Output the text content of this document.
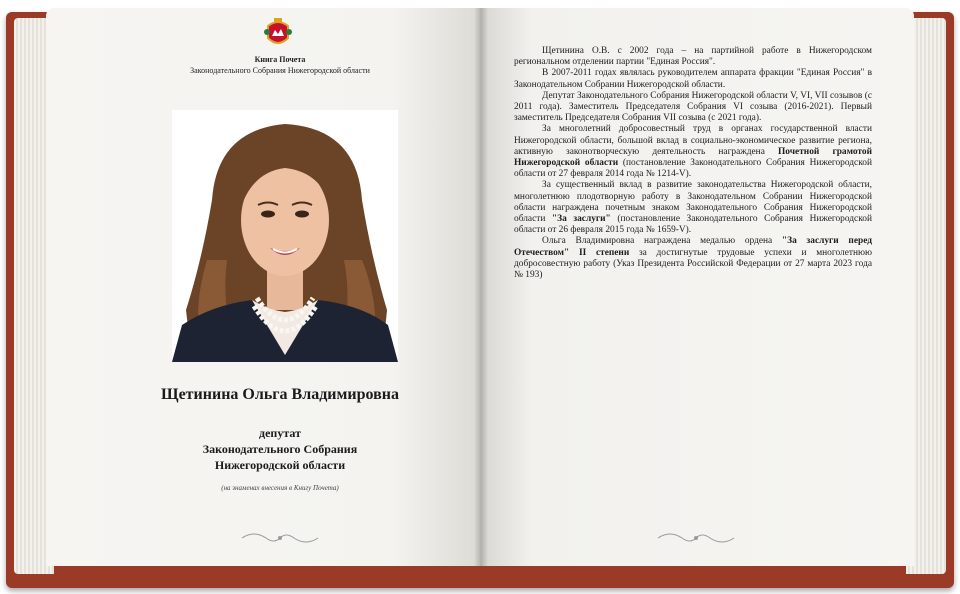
Книга Почета
Законодательного Собрания Нижегородской области
Щетинина Ольга Владимировна
депутат
Законодательного Собрания
Нижегородской области
(на знаменах внесения в Книгу Почета)

Щетинина О.В. с 2002 года – на партийной работе в Нижегородском региональном отделении партии "Единая Россия".

В 2007-2011 годах являлась руководителем аппарата фракции "Единая Россия" в Законодательном Собрании Нижегородской области.

Депутат Законодательного Собрания Нижегородской области V, VI, VII созывов (с 2011 года). Заместитель Председателя Собрания VI созыва (2016-2021). Первый заместитель Председателя Собрания VII созыва (с 2021 года).

За многолетний добросовестный труд в органах государственной власти Нижегородской области, большой вклад в социально-экономическое развитие региона, активную законотворческую деятельность награждена Почетной грамотой Нижегородской области (постановление Законодательного Собрания Нижегородской области от 27 февраля 2014 года № 1214-V).

За существенный вклад в развитие законодательства Нижегородской области, многолетнюю плодотворную работу в Законодательном Собрании Нижегородской области награждена почетным знаком Законодательного Собрания Нижегородской области "За заслуги" (постановление Законодательного Собрания Нижегородской области от 26 февраля 2015 года № 1659-V).

Ольга Владимировна награждена медалью ордена "За заслуги перед Отечеством" II степени за достигнутые трудовые успехи и многолетнюю добросовестную работу (Указ Президента Российской Федерации от 27 марта 2023 года № 193)
